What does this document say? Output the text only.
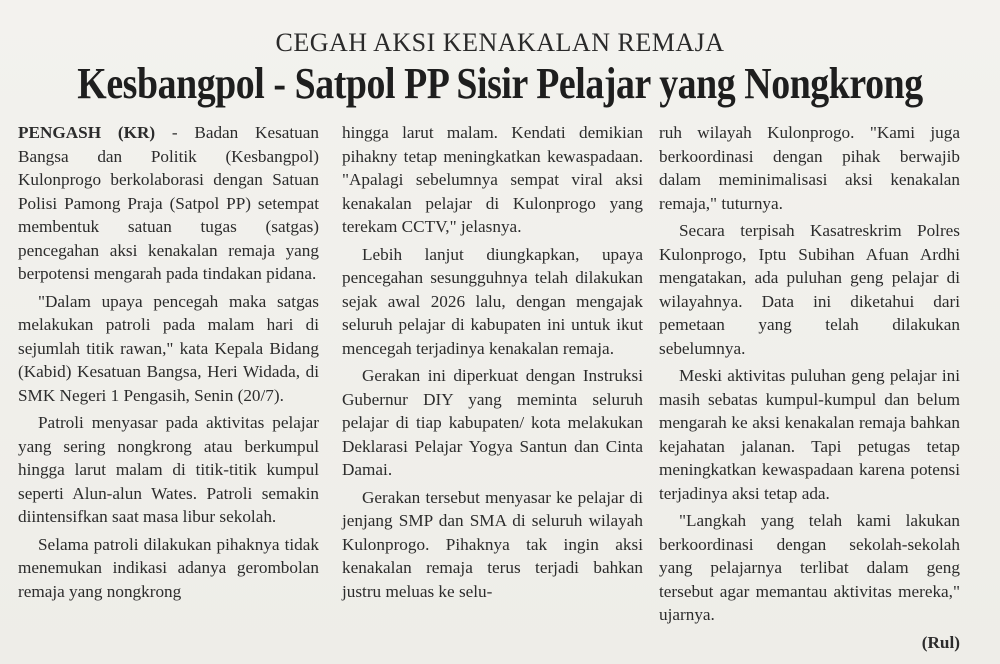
CEGAH AKSI KENAKALAN REMAJA
Kesbangpol - Satpol PP Sisir Pelajar yang Nongkrong

PENGASH (KR) - Badan Kesatuan Bangsa dan Politik (Kesbangpol) Kulonprogo berkolaborasi dengan Satuan Polisi Pamong Praja (Satpol PP) setempat membentuk satuan tugas (satgas) pencegahan aksi kenakalan remaja yang berpotensi mengarah pada tindakan pidana.

"Dalam upaya pencegah maka satgas melakukan patroli pada malam hari di sejumlah titik rawan," kata Kepala Bidang (Kabid) Kesatuan Bangsa, Heri Widada, di SMK Negeri 1 Pengasih, Senin (20/7).

Patroli menyasar pada aktivitas pelajar yang sering nongkrong atau berkumpul hingga larut malam di titik-titik kumpul seperti Alun-alun Wates. Patroli semakin diintensifkan saat masa libur sekolah.

Selama patroli dilakukan pihaknya tidak menemukan indikasi adanya gerombolan remaja yang nongkrong

hingga larut malam. Kendati demikian pihakny tetap meningkatkan kewaspadaan. "Apalagi sebelumnya sempat viral aksi kenakalan pelajar di Kulonprogo yang terekam CCTV," jelasnya.

Lebih lanjut diungkapkan, upaya pencegahan sesungguhnya telah dilakukan sejak awal 2026 lalu, dengan mengajak seluruh pelajar di kabupaten ini untuk ikut mencegah terjadinya kenakalan remaja.

Gerakan ini diperkuat dengan Instruksi Gubernur DIY yang meminta seluruh pelajar di tiap kabupaten/ kota melakukan Deklarasi Pelajar Yogya Santun dan Cinta Damai.

Gerakan tersebut menyasar ke pelajar di jenjang SMP dan SMA di seluruh wilayah Kulonprogo. Pihaknya tak ingin aksi kenakalan remaja terus terjadi bahkan justru meluas ke selu-

ruh wilayah Kulonprogo. "Kami juga berkoordinasi dengan pihak berwajib dalam meminimalisasi aksi kenakalan remaja," tuturnya.

Secara terpisah Kasatreskrim Polres Kulonprogo, Iptu Subihan Afuan Ardhi mengatakan, ada puluhan geng pelajar di wilayahnya. Data ini diketahui dari pemetaan yang telah dilakukan sebelumnya.

Meski aktivitas puluhan geng pelajar ini masih sebatas kumpul-kumpul dan belum mengarah ke aksi kenakalan remaja bahkan kejahatan jalanan. Tapi petugas tetap meningkatkan kewaspadaan karena potensi terjadinya aksi tetap ada.

"Langkah yang telah kami lakukan berkoordinasi dengan sekolah-sekolah yang pelajarnya terlibat dalam geng tersebut agar memantau aktivitas mereka," ujarnya.

(Rul)
